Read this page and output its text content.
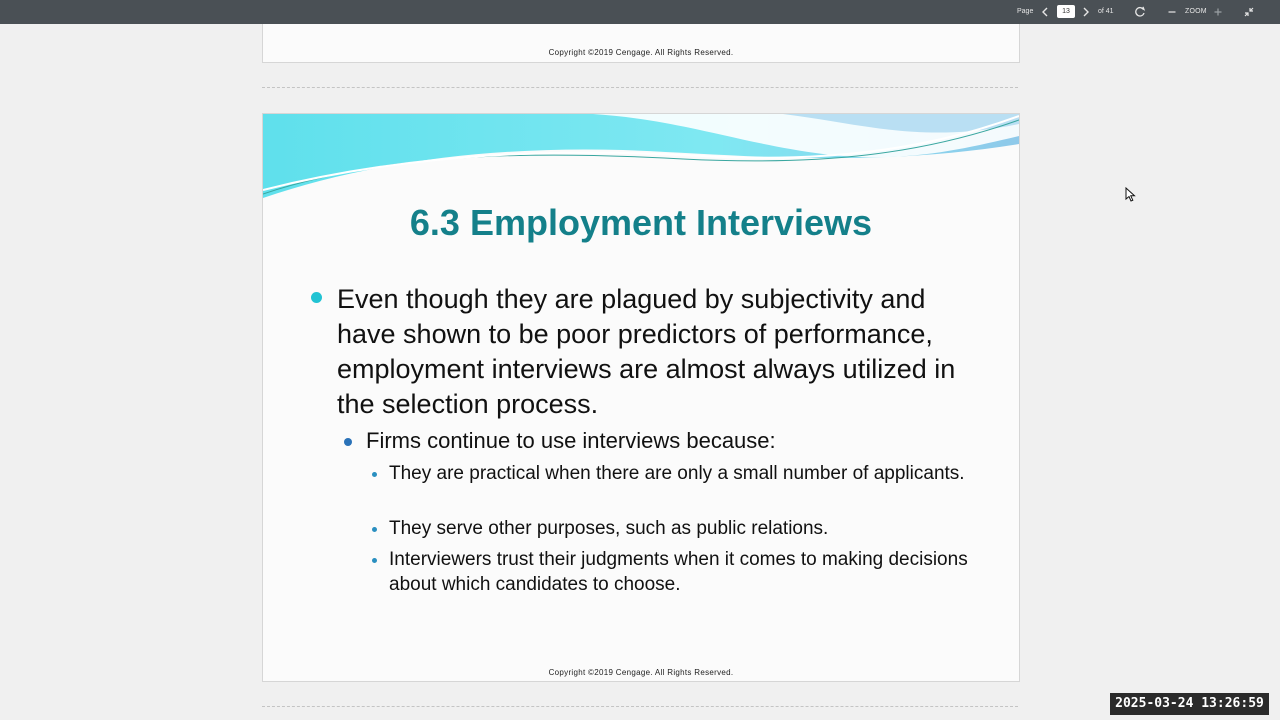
Page	13	of 41	ZOOM
Copyright ©2019 Cengage. All Rights Reserved.
6.3 Employment Interviews
Even though they are plagued by subjectivity and have shown to be poor predictors of performance, employment interviews are almost always utilized in the selection process.
Firms continue to use interviews because:
They are practical when there are only a small number of applicants.
They serve other purposes, such as public relations.
Interviewers trust their judgments when it comes to making decisions about which candidates to choose.
Copyright ©2019 Cengage. All Rights Reserved.
2025-03-24 13:26:59
